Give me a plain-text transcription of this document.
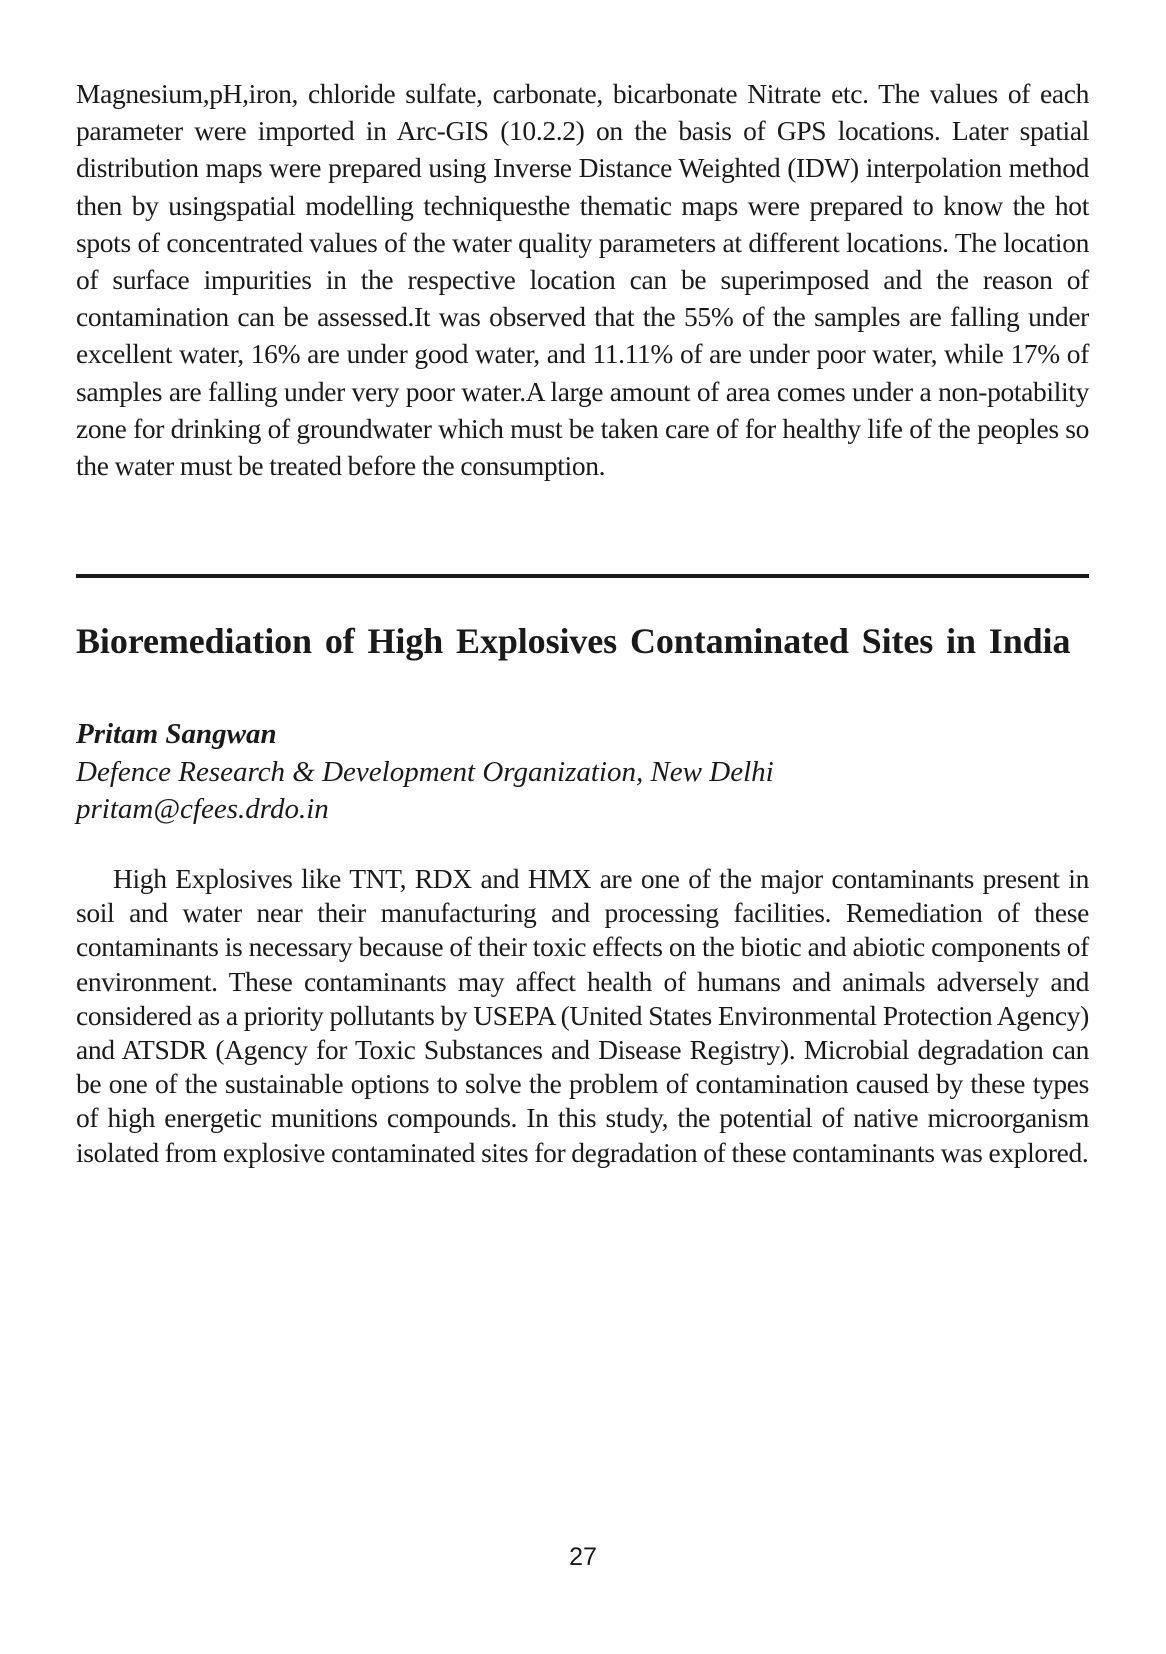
Magnesium,pH,iron, chloride sulfate, carbonate, bicarbonate Nitrate etc. The values of each parameter were imported in Arc-GIS (10.2.2) on the basis of GPS locations. Later spatial distribution maps were prepared using Inverse Distance Weighted (IDW) interpolation method then by usingspatial modelling techniquesthe thematic maps were prepared to know the hot spots of concentrated values of the water quality parameters at different locations. The location of surface impurities in the respective location can be superimposed and the reason of contamination can be assessed.It was observed that the 55% of the samples are falling under excellent water, 16% are under good water, and 11.11% of are under poor water, while 17% of samples are falling under very poor water.A large amount of area comes under a non-potability zone for drinking of groundwater which must be taken care of for healthy life of the peoples so the water must be treated before the consumption.

Bioremediation of High Explosives Contaminated Sites in India

Pritam Sangwan

Defence Research & Development Organization, New Delhi

pritam@cfees.drdo.in

High Explosives like TNT, RDX and HMX are one of the major contaminants present in soil and water near their manufacturing and processing facilities. Remediation of these contaminants is necessary because of their toxic effects on the biotic and abiotic components of environment. These contaminants may affect health of humans and animals adversely and considered as a priority pollutants by USEPA (United States Environmental Protection Agency) and ATSDR (Agency for Toxic Substances and Disease Registry). Microbial degradation can be one of the sustainable options to solve the problem of contamination caused by these types of high energetic munitions compounds. In this study, the potential of native microorganism isolated from explosive contaminated sites for degradation of these contaminants was explored.

27
